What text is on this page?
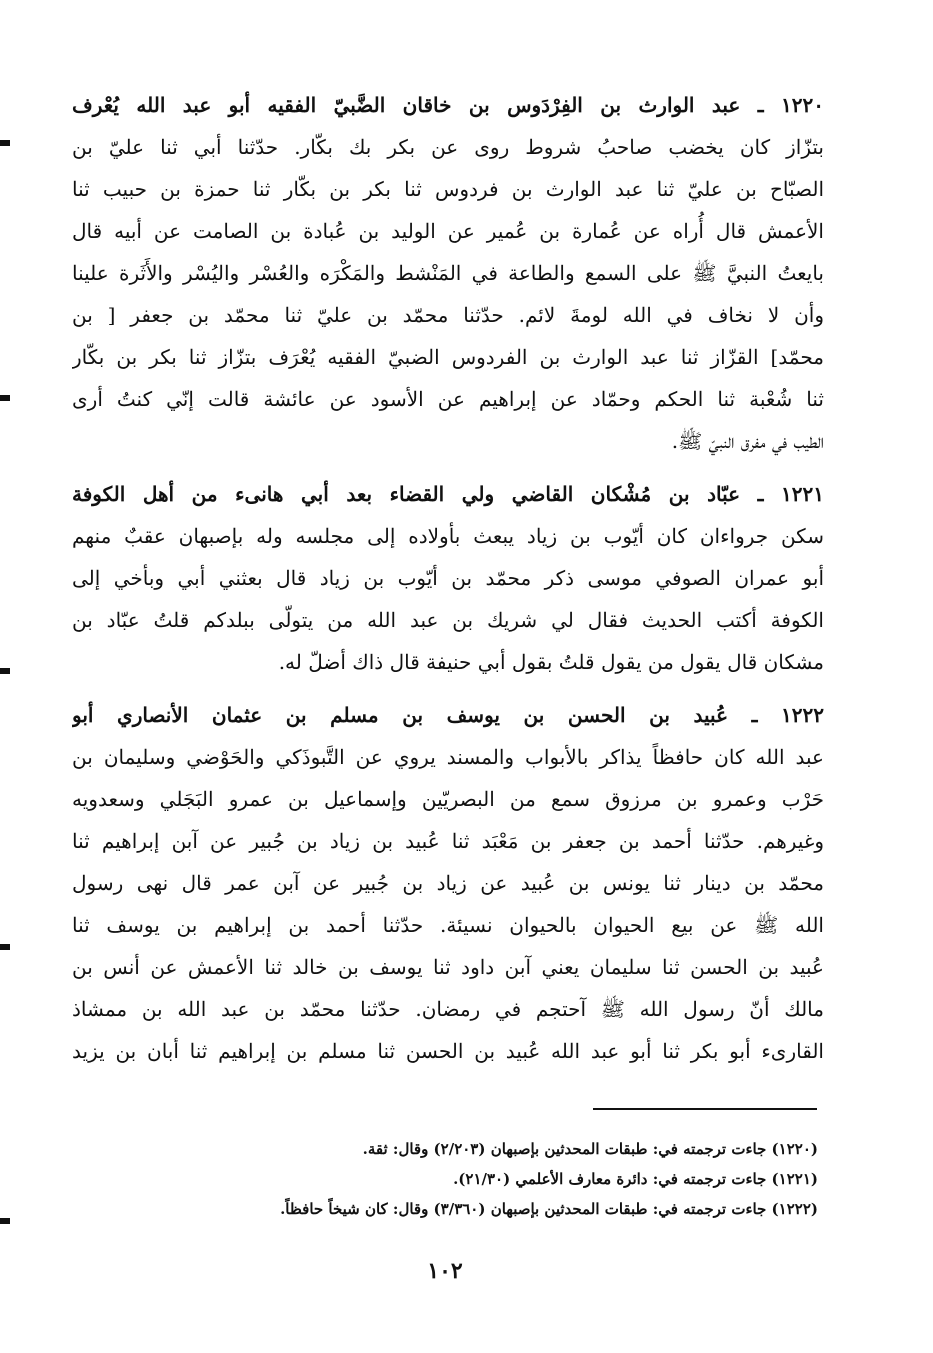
١٢٢٠ ـ عبد الوارث بن الفِرْدَوس بن خاقان الضَّبيّ الفقيه أبو عبد الله يُعْرف
بتزّاز كان يخضب صاحبُ شروط روى عن بكر بك بكّار. حدّثنا أبي ثنا عليّ بن
الصبّاح بن عليّ ثنا عبد الوارث بن فردوس ثنا بكر بن بكّار ثنا حمزة بن حبيب ثنا
الأعمش قال أُراه عن عُمارة بن عُمير عن الوليد بن عُبادة بن الصامت عن أبيه قال
بايعتُ النبيَّ ﷺ على السمع والطاعة في المَنْشط والمَكْرَه والعُسْر واليُسْر والأَثَرة علينا
وأن لا نخاف في الله لومةَ لائم. حدّثنا محمّد بن عليّ ثنا محمّد بن جعفر [ بن
محمّد] القزّاز ثنا عبد الوارث بن الفردوس الضبيّ الفقيه يُعْرَف بتزّاز ثنا بكر بن بكّار
ثنا شُعْبة ثنا الحكم وحمّاد عن إبراهيم عن الأسود عن عائشة قالت إنّي كنتُ أرى
الطيب في مفرق النبيّ ﷺ.
١٢٢١ ـ عبّاد بن مُشْكان القاضي ولي القضاء بعد أبي هانىء من أهل الكوفة
سكن جرواءان كان أيّوب بن زياد يبعث بأولاده إلى مجلسه وله بإصبهان عقبٌ منهم
أبو عمران الصوفي موسى ذكر محمّد بن أيّوب بن زياد قال بعثني أبي وبأخي إلى
الكوفة أكتب الحديث فقال لي شريك بن عبد الله من يتولّى ببلدكم قلتُ عبّاد بن
مشكان قال يقول من يقول قلتُ بقول أبي حنيفة قال ذاك أضلّ له.
١٢٢٢ ـ عُبيد بن الحسن بن يوسف بن مسلم بن عثمان الأنصاري أبو
عبد الله كان حافظاً يذاكر بالأبواب والمسند يروي عن التَّبوذَكي والحَوْضي وسليمان بن
حَرْب وعمرو بن مرزوق سمع من البصريّين وإسماعيل بن عمرو البَجَلي وسعدويه
وغيرهم. حدّثنا أحمد بن جعفر بن مَعْبَد ثنا عُبيد بن زياد بن جُبير عن آبن إبراهيم ثنا
محمّد بن دينار ثنا يونس بن عُبيد عن زياد بن جُبير عن آبن عمر قال نهى رسول
الله ﷺ عن بيع الحيوان بالحيوان نسيئة. حدّثنا أحمد بن إبراهيم بن يوسف ثنا
عُبيد بن الحسن ثنا سليمان يعني آبن داود ثنا يوسف بن خالد ثنا الأعمش عن أنس بن
مالك أنّ رسول الله ﷺ آحتجم في رمضان. حدّثنا محمّد بن عبد الله بن ممشاذ
القارىء أبو بكر ثنا أبو عبد الله عُبيد بن الحسن ثنا مسلم بن إبراهيم ثنا أبان بن يزيد
(١٢٢٠) جاءت ترجمته في: طبقات المحدثين بإصبهان (٢/٢٠٣) وقال: ثقة.
(١٢٢١) جاءت ترجمته في: دائرة معارف الأعلمي (٢١/٣٠).
(١٢٢٢) جاءت ترجمته في: طبقات المحدثين بإصبهان (٣/٣٦٠) وقال: كان شيخاً حافظاً.
١٠٢
